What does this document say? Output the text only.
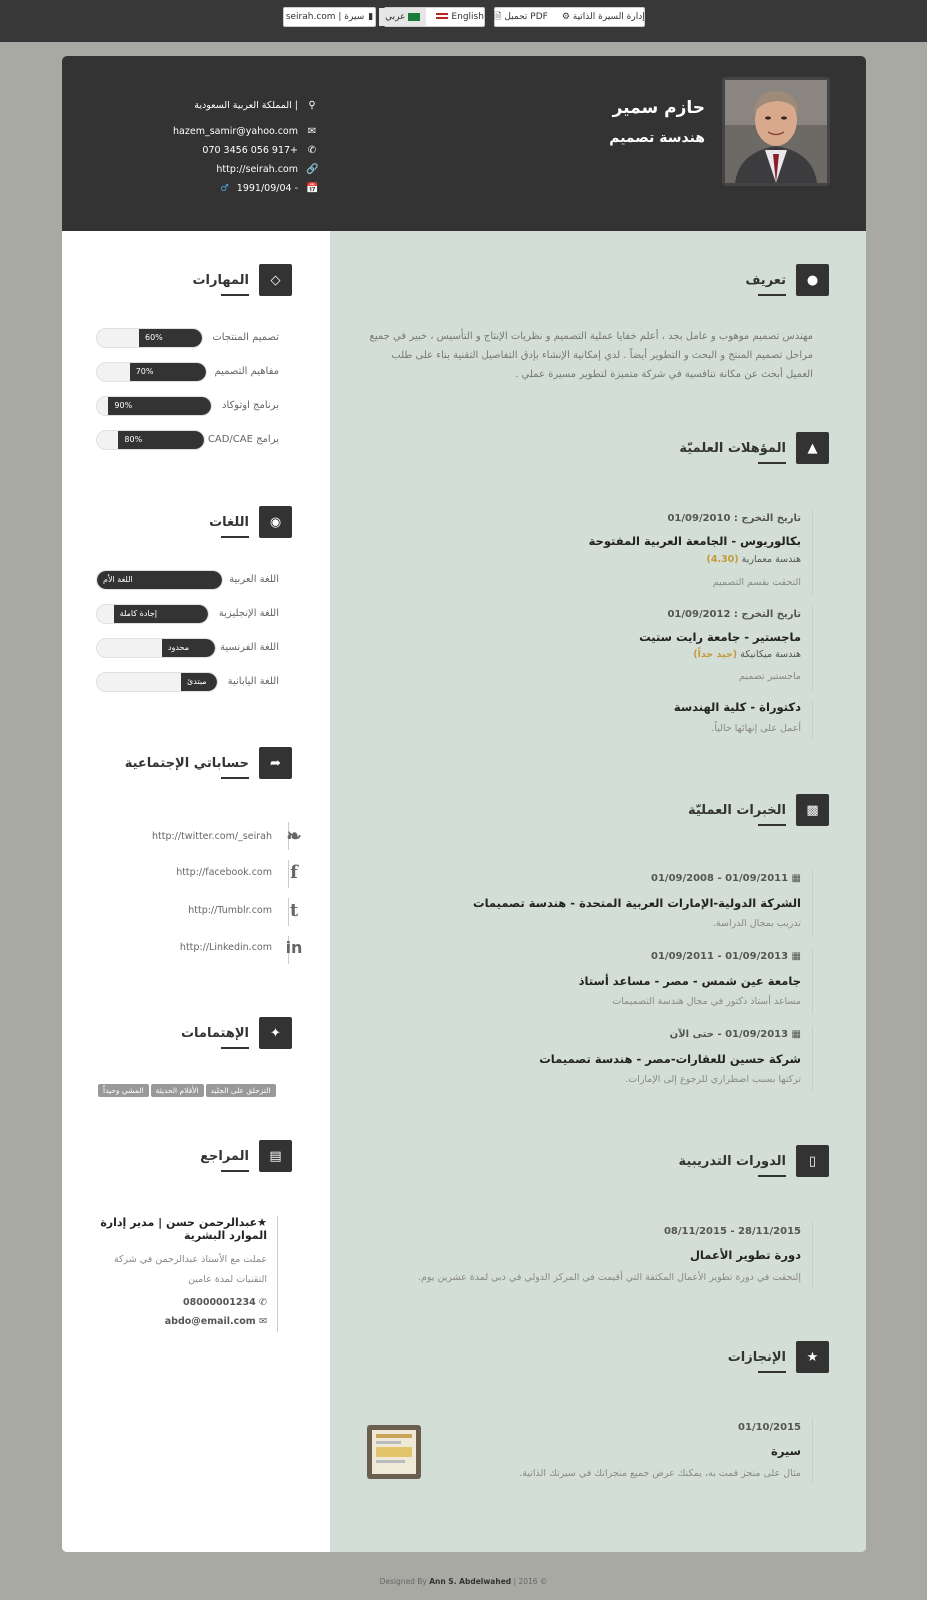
🗎 تحميل PDF ⚙ إدارة السيرة الذاتية
عربي	English
seirah.com | سيرة ▮
حازم سمير
هندسة تصميم
المملكة العربية السعودية | ⚲
hazem_samir@yahoo.com ✉
070 3456 056 917+ ✆
http://seirah.com 🔗
♂ 1991/09/04 - 📅
◇
المهارات
60%	تصميم المنتجات
70%	مفاهيم التصميم
90%	برنامج اوتوكاد
80%	برامج CAD/CAE
◉
اللغات
اللغة الأم	اللغة العربية
إجادة كاملة	اللغة الإنجليزية
محدود	اللغة الفرنسية
مبتدئ	اللغة اليابانية
➦
حساباتي الإجتماعية
http://twitter.com/_seirah ❧
http://facebook.com	f
http://Tumblr.com t
http://Linkedin.com in
✦
الإهتمامات
التزحلق على الجليد
الأفلام الحديثة
المشي وحيداً
▤
المراجع
★عبدالرحمن حسن | مدير إدارة الموارد البشرية
عملت مع الأستاذ عبدالرحمن في شركة
التقنيات لمدة عامين
✆ 08000001234
✉ abdo@email.com
●
تعريف
مهندس تصميم موهوب و عامل بجد ، أعلم خفايا عملية التصميم و نظريات الإنتاج و التأسيس ، خبير في جميع مراحل تصميم المنتج و البحث و التطوير أيضاً . لدي إمكانية الإنشاء بإدق التفاصيل التقنية بناء على طلب العميل أبحث عن مكانة تنافسية في شركة متميزة لتطوير مسيرة عملي .
▲
المؤهلات العلميّة
تاريخ التخرج : 01/09/2010
بكالوريوس - الجامعة العربية المفتوحة
هندسة معمارية (4.30)
التحقت بقسم التصميم
تاريخ التخرج : 01/09/2012
ماجستير - جامعة رايت ستيت
هندسة ميكانيكة (جيد جداً)
ماجستير تصميم
دكتوراة - كلية الهندسة
أعمل على إنهائها حالياً.
▩
الخبرات العمليّة
▦ 01/09/2011 - 01/09/2008
الشركة الدولية-الإمارات العربية المتحدة - هندسة تصميمات
تدريب بمجال الدراسة.
▦ 01/09/2013 - 01/09/2011
جامعة عين شمس - مصر - مساعد أستاذ
مساعد أستاذ دكتور في مجال هندسة التصميمات
▦ 01/09/2013 - حتى الآن
شركة حسين للعقارات-مصر - هندسة تصميمات
تركتها بسبب اضطراري للرجوع إلى الإمارات.
▯
الدورات التدريبية
28/11/2015 - 08/11/2015
دورة تطوير الأعمال
إلتحقت في دورة تطوير الأعمال المكثفة التي أقيمت في المركز الدولي في دبي لمدة عشرين يوم.
★
الإنجازات
01/10/2015
سيرة
مثال على منجز قمت به، يمكنك عرض جميع منجزاتك في سيرتك الذاتية.
Designed By Ann S. Abdelwahed | 2016 ©
